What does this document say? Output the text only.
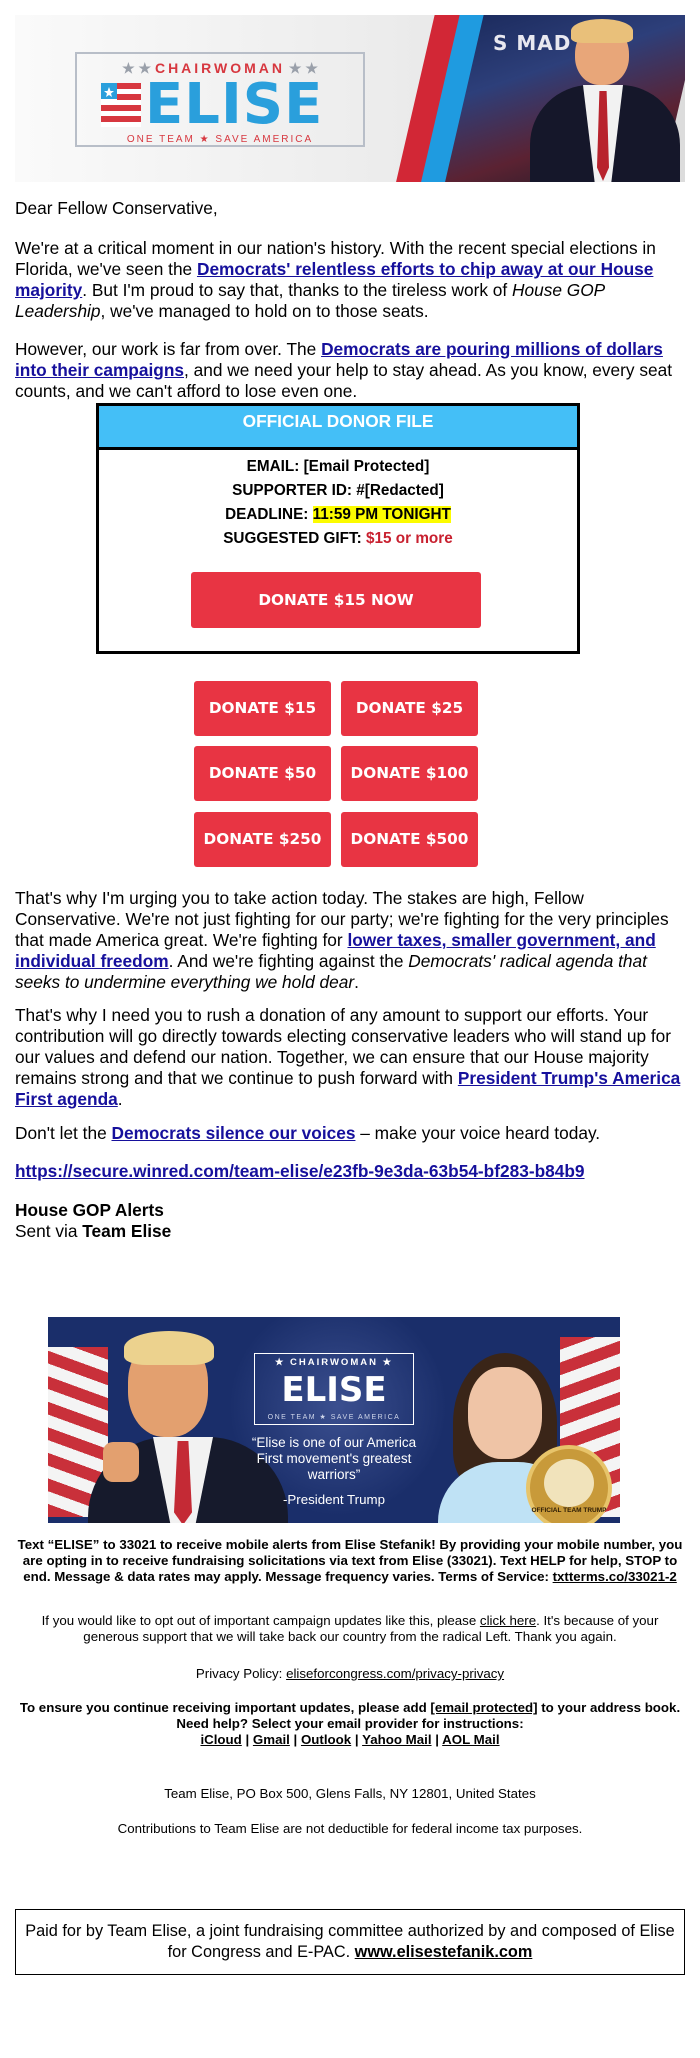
S MAD
★ ★ CHAIRWOMAN ★ ★
ELISE
ONE TEAM ★ SAVE AMERICA
Dear Fellow Conservative,

We're at a critical moment in our nation's history. With the recent special elections in Florida, we've seen the Democrats' relentless efforts to chip away at our House majority. But I'm proud to say that, thanks to the tireless work of House GOP Leadership, we've managed to hold on to those seats.

However, our work is far from over. The Democrats are pouring millions of dollars into their campaigns, and we need your help to stay ahead. As you know, every seat counts, and we can't afford to lose even one.

OFFICIAL DONOR FILE
EMAIL: [Email Protected]
SUPPORTER ID: #[Redacted]
DEADLINE: 11:59 PM TONIGHT
SUGGESTED GIFT: $15 or more
DONATE $15 NOW
DONATE $15	DONATE $25
DONATE $50	DONATE $100
DONATE $250	DONATE $500

That's why I'm urging you to take action today. The stakes are high, Fellow Conservative. We're not just fighting for our party; we're fighting for the very principles that made America great. We're fighting for lower taxes, smaller government, and individual freedom. And we're fighting against the Democrats' radical agenda that seeks to undermine everything we hold dear.

That's why I need you to rush a donation of any amount to support our efforts. Your contribution will go directly towards electing conservative leaders who will stand up for our values and defend our nation. Together, we can ensure that our House majority remains strong and that we continue to push forward with President Trump's America First agenda.

Don't let the Democrats silence our voices – make your voice heard today.

https://secure.winred.com/team-elise/e23fb-9e3da-63b54-bf283-b84b9
House GOP Alerts
Sent via Team Elise
★ CHAIRWOMAN ★
ELISE
ONE TEAM ★ SAVE AMERICA
“Elise is one of our America First movement's greatest warriors”
-President Trump
OFFICIAL TEAM TRUMP

Text “ELISE” to 33021 to receive mobile alerts from Elise Stefanik! By providing your mobile number, you are opting in to receive fundraising solicitations via text from Elise (33021). Text HELP for help, STOP to end. Message & data rates may apply. Message frequency varies. Terms of Service: txtterms.co/33021-2

If you would like to opt out of important campaign updates like this, please click here. It's because of your generous support that we will take back our country from the radical Left. Thank you again.

Privacy Policy: eliseforcongress.com/privacy-privacy

To ensure you continue receiving important updates, please add [email protected] to your address book. Need help? Select your email provider for instructions:

iCloud | Gmail | Outlook | Yahoo Mail | AOL Mail

Team Elise, PO Box 500, Glens Falls, NY 12801, United States
Contributions to Team Elise are not deductible for federal income tax purposes.
Paid for by Team Elise, a joint fundraising committee authorized by and composed of Elise for Congress and E-PAC. www.elisestefanik.com
